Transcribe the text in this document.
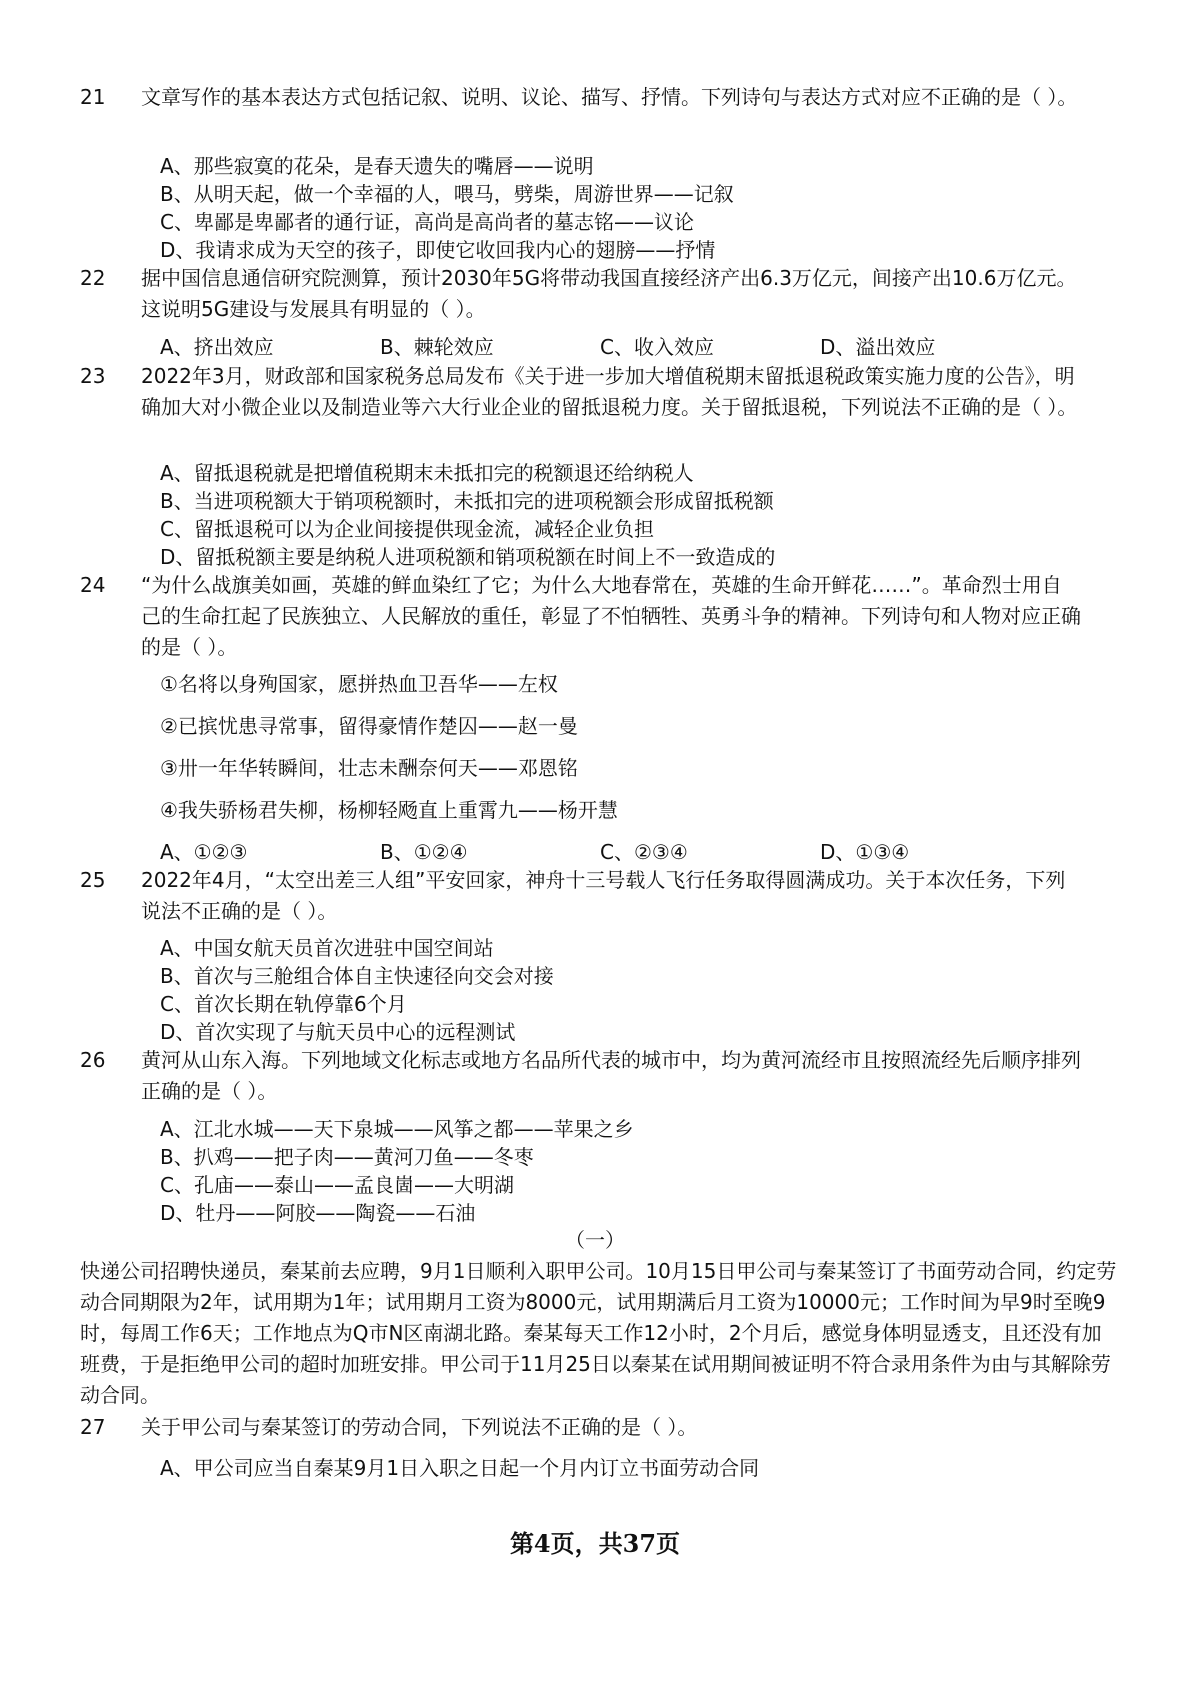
21	文章写作的基本表达方式包括记叙、说明、议论、描写、抒情。下列诗句与表达方式对应不正确的是（ ）。
A、那些寂寞的花朵，是春天遗失的嘴唇——说明
B、从明天起，做一个幸福的人，喂马，劈柴，周游世界——记叙
C、卑鄙是卑鄙者的通行证，高尚是高尚者的墓志铭——议论
D、我请求成为天空的孩子，即使它收回我内心的翅膀——抒情
22	据中国信息通信研究院测算，预计2030年5G将带动我国直接经济产出6.3万亿元，间接产出10.6万亿元。这说明5G建设与发展具有明显的（ ）。
A、挤出效应	B、棘轮效应	C、收入效应	D、溢出效应
23	2022年3月，财政部和国家税务总局发布《关于进一步加大增值税期末留抵退税政策实施力度的公告》，明确加大对小微企业以及制造业等六大行业企业的留抵退税力度。关于留抵退税，下列说法不正确的是（ ）。
A、留抵退税就是把增值税期末未抵扣完的税额退还给纳税人
B、当进项税额大于销项税额时，未抵扣完的进项税额会形成留抵税额
C、留抵退税可以为企业间接提供现金流，减轻企业负担
D、留抵税额主要是纳税人进项税额和销项税额在时间上不一致造成的
24	“为什么战旗美如画，英雄的鲜血染红了它；为什么大地春常在，英雄的生命开鲜花……”。革命烈士用自己的生命扛起了民族独立、人民解放的重任，彰显了不怕牺牲、英勇斗争的精神。下列诗句和人物对应正确的是（ ）。
①名将以身殉国家，愿拼热血卫吾华——左权
②已摈忧患寻常事，留得豪情作楚囚——赵一曼
③卅一年华转瞬间，壮志未酬奈何天——邓恩铭
④我失骄杨君失柳，杨柳轻飏直上重霄九——杨开慧
A、①②③	B、①②④	C、②③④	D、①③④
25	2022年4月，“太空出差三人组”平安回家，神舟十三号载人飞行任务取得圆满成功。关于本次任务，下列说法不正确的是（ ）。
A、中国女航天员首次进驻中国空间站
B、首次与三舱组合体自主快速径向交会对接
C、首次长期在轨停靠6个月
D、首次实现了与航天员中心的远程测试
26	黄河从山东入海。下列地域文化标志或地方名品所代表的城市中，均为黄河流经市且按照流经先后顺序排列正确的是（ ）。
A、江北水城——天下泉城——风筝之都——苹果之乡
B、扒鸡——把子肉——黄河刀鱼——冬枣
C、孔庙——泰山——孟良崮——大明湖
D、牡丹——阿胶——陶瓷——石油
（一）
快递公司招聘快递员，秦某前去应聘，9月1日顺利入职甲公司。10月15日甲公司与秦某签订了书面劳动合同，约定劳动合同期限为2年，试用期为1年；试用期月工资为8000元，试用期满后月工资为10000元；工作时间为早9时至晚9时，每周工作6天；工作地点为Q市N区南湖北路。秦某每天工作12小时，2个月后，感觉身体明显透支，且还没有加班费，于是拒绝甲公司的超时加班安排。甲公司于11月25日以秦某在试用期间被证明不符合录用条件为由与其解除劳动合同。
27	关于甲公司与秦某签订的劳动合同，下列说法不正确的是（ ）。
A、甲公司应当自秦某9月1日入职之日起一个月内订立书面劳动合同
第4页，共37页
